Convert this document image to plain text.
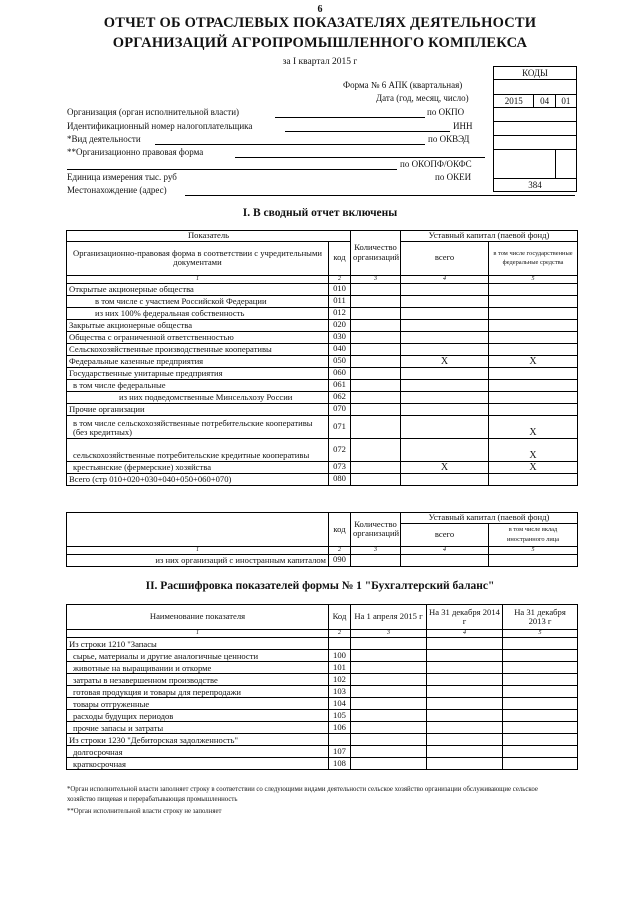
6
ОТЧЕТ ОБ ОТРАСЛЕВЫХ ПОКАЗАТЕЛЯХ ДЕЯТЕЛЬНОСТИ
ОРГАНИЗАЦИЙ АГРОПРОМЫШЛЕННОГО КОМПЛЕКСА
за I квартал 2015 г
КОДЫ		

2015	04	01

384		
Форма № 6 АПК (квартальная)
Дата (год, месяц, число)
Организация (орган исполнительной власти)	по ОКПО
Идентификационный номер налогоплательщика	ИНН
*Вид деятельности	по ОКВЭД
**Организационно правовая форма
по ОКОПФ/ОКФС
Единица измерения тыс. руб	по ОКЕИ
Местонахождение (адрес)
I. В сводный отчет включены
Показатель		Количество организаций	Уставный капитал (паевой фонд)	
Организационно-правовая форма в соответствии с учредительными документами	код		всего	в том числе государственные федеральные средства
1	2	3	4	5
Открытые акционерные общества	010			
в том числе с участием Российской Федерации	011			
из них 100% федеральная собственность	012			
Закрытые акционерные общества	020			
Общества с ограниченной ответственностью	030			
Сельскохозяйственные производственные кооперативы	040			
Федеральные казенные предприятия	050		X	X
Государственные унитарные предприятия	060			
в том числе федеральные	061			
из них подведомственные Минсельхозу России	062			
Прочие организации	070			
в том числе сельскохозяйственные потребительские кооперативы (без кредитных)	071			X
сельскохозяйственные потребительские кредитные кооперативы	072			X
крестьянские (фермерские) хозяйства	073		X	X
Всего (стр 010+020+030+040+050+060+070)	080			
	код	Количество организаций	Уставный капитал (паевой фонд)	
			всего	в том числе вклад иностранного лица
1	2	3	4	5
из них организаций с иностранным капиталом	090			
II. Расшифровка показателей формы № 1 "Бухгалтерский баланс"
Наименование показателя	Код	На 1 апреля 2015 г	На 31 декабря 2014 г	На 31 декабря 2013 г
1	2	3	4	5
Из строки 1210 "Запасы				
сырье, материалы и другие аналогичные ценности	100			
животные на выращивании и откорме	101			
затраты в незавершенном производстве	102			
готовая продукция и товары для перепродажи	103			
товары отгруженные	104			
расходы будущих периодов	105			
прочие запасы и затраты	106			
Из строки 1230 "Дебиторская задолженность"				
долгосрочная	107			
краткосрочная	108			
*Орган исполнительной власти заполняет строку в соответствии со следующими видами деятельности сельское хозяйство организации обслуживающие сельское хозяйство пищевая и перерабатывающая промышленность
**Орган исполнительной власти строку не заполняет
